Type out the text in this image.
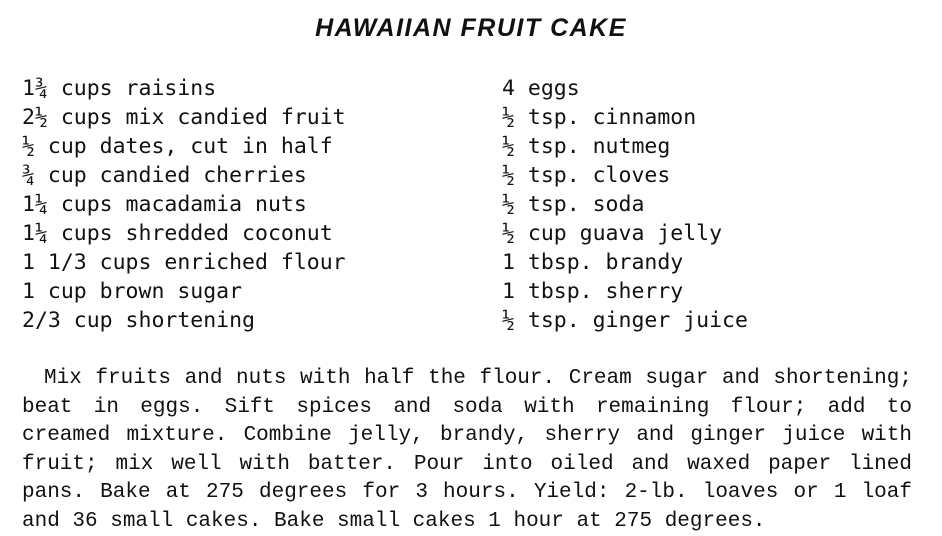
HAWAIIAN FRUIT CAKE
1¾ cups raisins
2½ cups mix candied fruit
½ cup dates, cut in half
¾ cup candied cherries
1¼ cups macadamia nuts
1¼ cups shredded coconut
1 1/3 cups enriched flour
1 cup brown sugar
2/3 cup shortening
4 eggs
½ tsp. cinnamon
½ tsp. nutmeg
½ tsp. cloves
½ tsp. soda
½ cup guava jelly
1 tbsp. brandy
1 tbsp. sherry
½ tsp. ginger juice

Mix fruits and nuts with half the flour. Cream sugar and shortening; beat in eggs. Sift spices and soda with remaining flour; add to creamed mixture. Combine jelly, brandy, sherry and ginger juice with fruit; mix well with batter. Pour into oiled and waxed paper lined pans. Bake at 275 degrees for 3 hours. Yield: 2-lb. loaves or 1 loaf and 36 small cakes. Bake small cakes 1 hour at 275 degrees.
